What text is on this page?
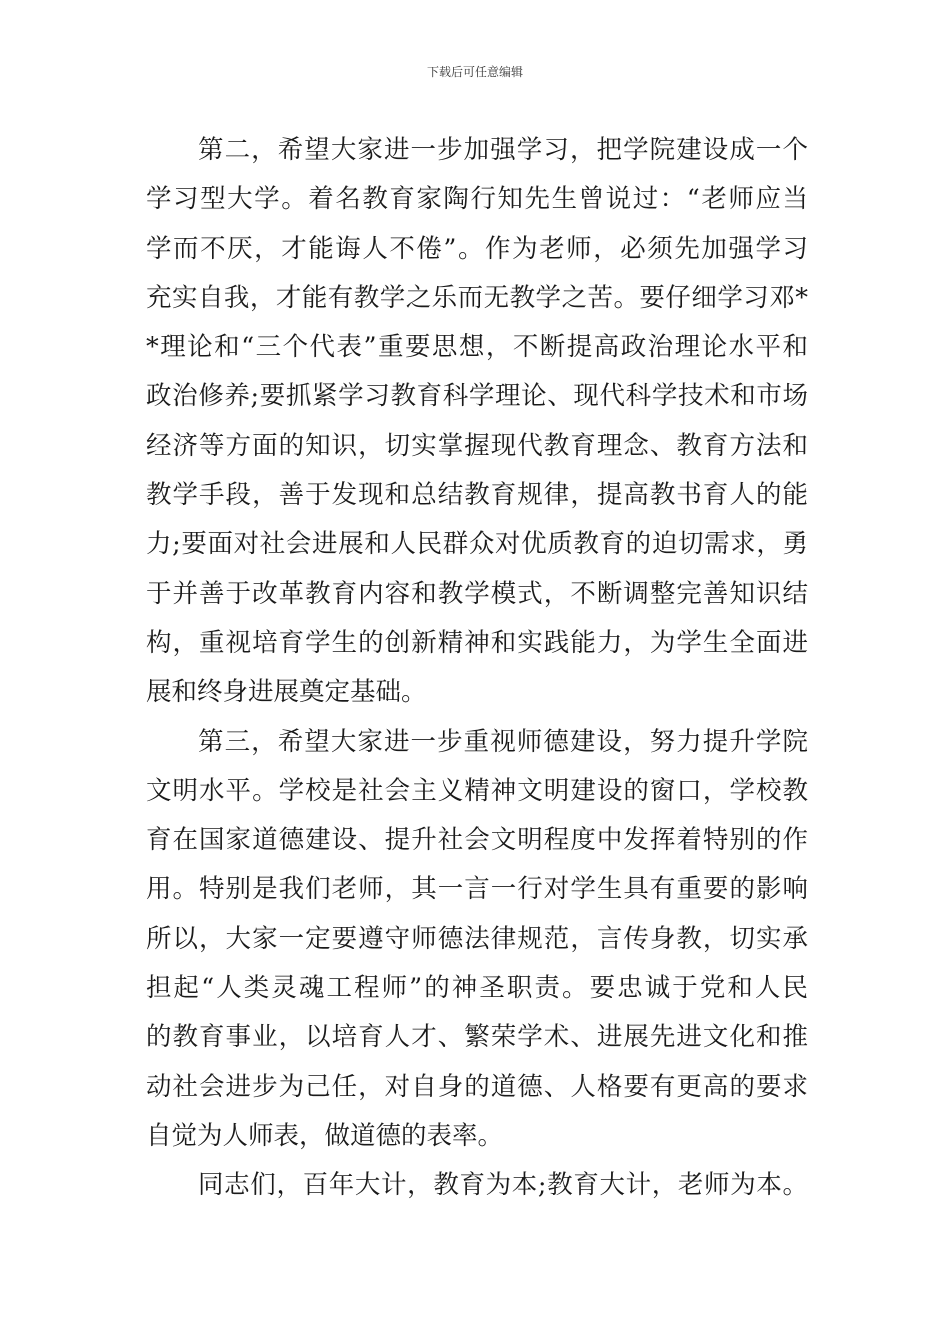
下载后可任意编辑
第二，希望大家进一步加强学习，把学院建设成一个
学习型大学。着名教育家陶行知先生曾说过：“老师应当
学而不厌，才能诲人不倦”。作为老师，必须先加强学习
充实自我，才能有教学之乐而无教学之苦。要仔细学习邓*
*理论和“三个代表”重要思想，不断提高政治理论水平和
政治修养;要抓紧学习教育科学理论、现代科学技术和市场
经济等方面的知识，切实掌握现代教育理念、教育方法和
教学手段，善于发现和总结教育规律，提高教书育人的能
力;要面对社会进展和人民群众对优质教育的迫切需求，勇
于并善于改革教育内容和教学模式，不断调整完善知识结
构，重视培育学生的创新精神和实践能力，为学生全面进
展和终身进展奠定基础。
第三，希望大家进一步重视师德建设，努力提升学院
文明水平。学校是社会主义精神文明建设的窗口，学校教
育在国家道德建设、提升社会文明程度中发挥着特别的作
用。特别是我们老师，其一言一行对学生具有重要的影响
所以，大家一定要遵守师德法律规范，言传身教，切实承
担起“人类灵魂工程师”的神圣职责。要忠诚于党和人民
的教育事业，以培育人才、繁荣学术、进展先进文化和推
动社会进步为己任，对自身的道德、人格要有更高的要求
自觉为人师表，做道德的表率。
同志们，百年大计，教育为本;教育大计，老师为本。
